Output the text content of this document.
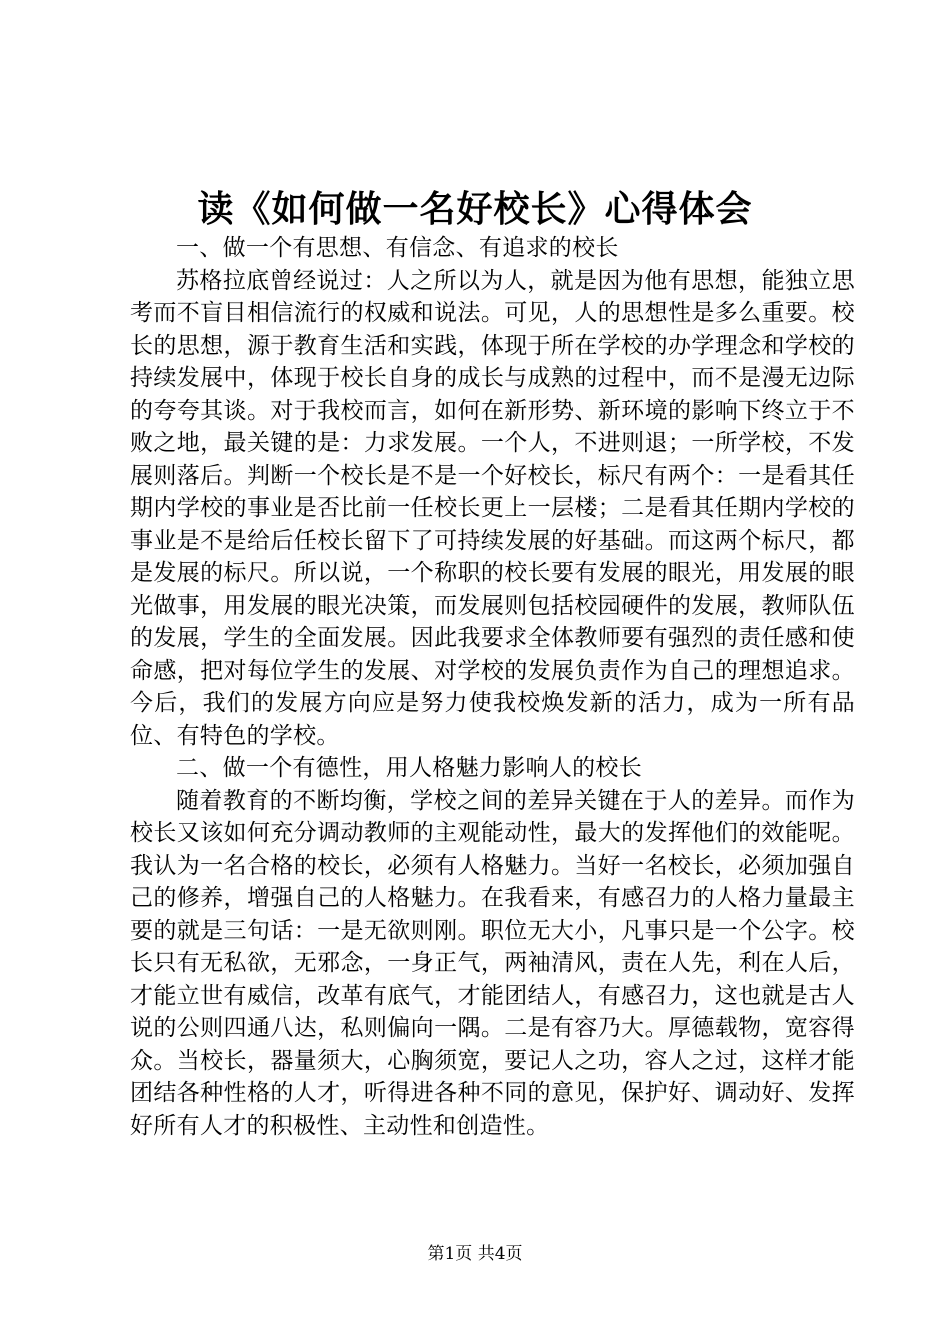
读《如何做一名好校长》心得体会

一、做一个有思想、有信念、有追求的校长

苏格拉底曾经说过：人之所以为人，就是因为他有思想，能独立思考而不盲目相信流行的权威和说法。可见，人的思想性是多么重要。校长的思想，源于教育生活和实践，体现于所在学校的办学理念和学校的持续发展中，体现于校长自身的成长与成熟的过程中，而不是漫无边际的夸夸其谈。对于我校而言，如何在新形势、新环境的影响下终立于不败之地，最关键的是：力求发展。一个人，不进则退；一所学校，不发展则落后。判断一个校长是不是一个好校长，标尺有两个：一是看其任期内学校的事业是否比前一任校长更上一层楼；二是看其任期内学校的事业是不是给后任校长留下了可持续发展的好基础。而这两个标尺，都是发展的标尺。所以说，一个称职的校长要有发展的眼光，用发展的眼光做事，用发展的眼光决策，而发展则包括校园硬件的发展，教师队伍的发展，学生的全面发展。因此我要求全体教师要有强烈的责任感和使命感，把对每位学生的发展、对学校的发展负责作为自己的理想追求。今后，我们的发展方向应是努力使我校焕发新的活力，成为一所有品位、有特色的学校。

二、做一个有德性，用人格魅力影响人的校长

随着教育的不断均衡，学校之间的差异关键在于人的差异。而作为校长又该如何充分调动教师的主观能动性，最大的发挥他们的效能呢。我认为一名合格的校长，必须有人格魅力。当好一名校长，必须加强自己的修养，增强自己的人格魅力。在我看来，有感召力的人格力量最主要的就是三句话：一是无欲则刚。职位无大小，凡事只是一个公字。校长只有无私欲，无邪念，一身正气，两袖清风，责在人先，利在人后，才能立世有威信，改革有底气，才能团结人，有感召力，这也就是古人说的公则四通八达，私则偏向一隅。二是有容乃大。厚德载物，宽容得众。当校长，器量须大，心胸须宽，要记人之功，容人之过，这样才能团结各种性格的人才，听得进各种不同的意见，保护好、调动好、发挥好所有人才的积极性、主动性和创造性。

第1页 共4页
